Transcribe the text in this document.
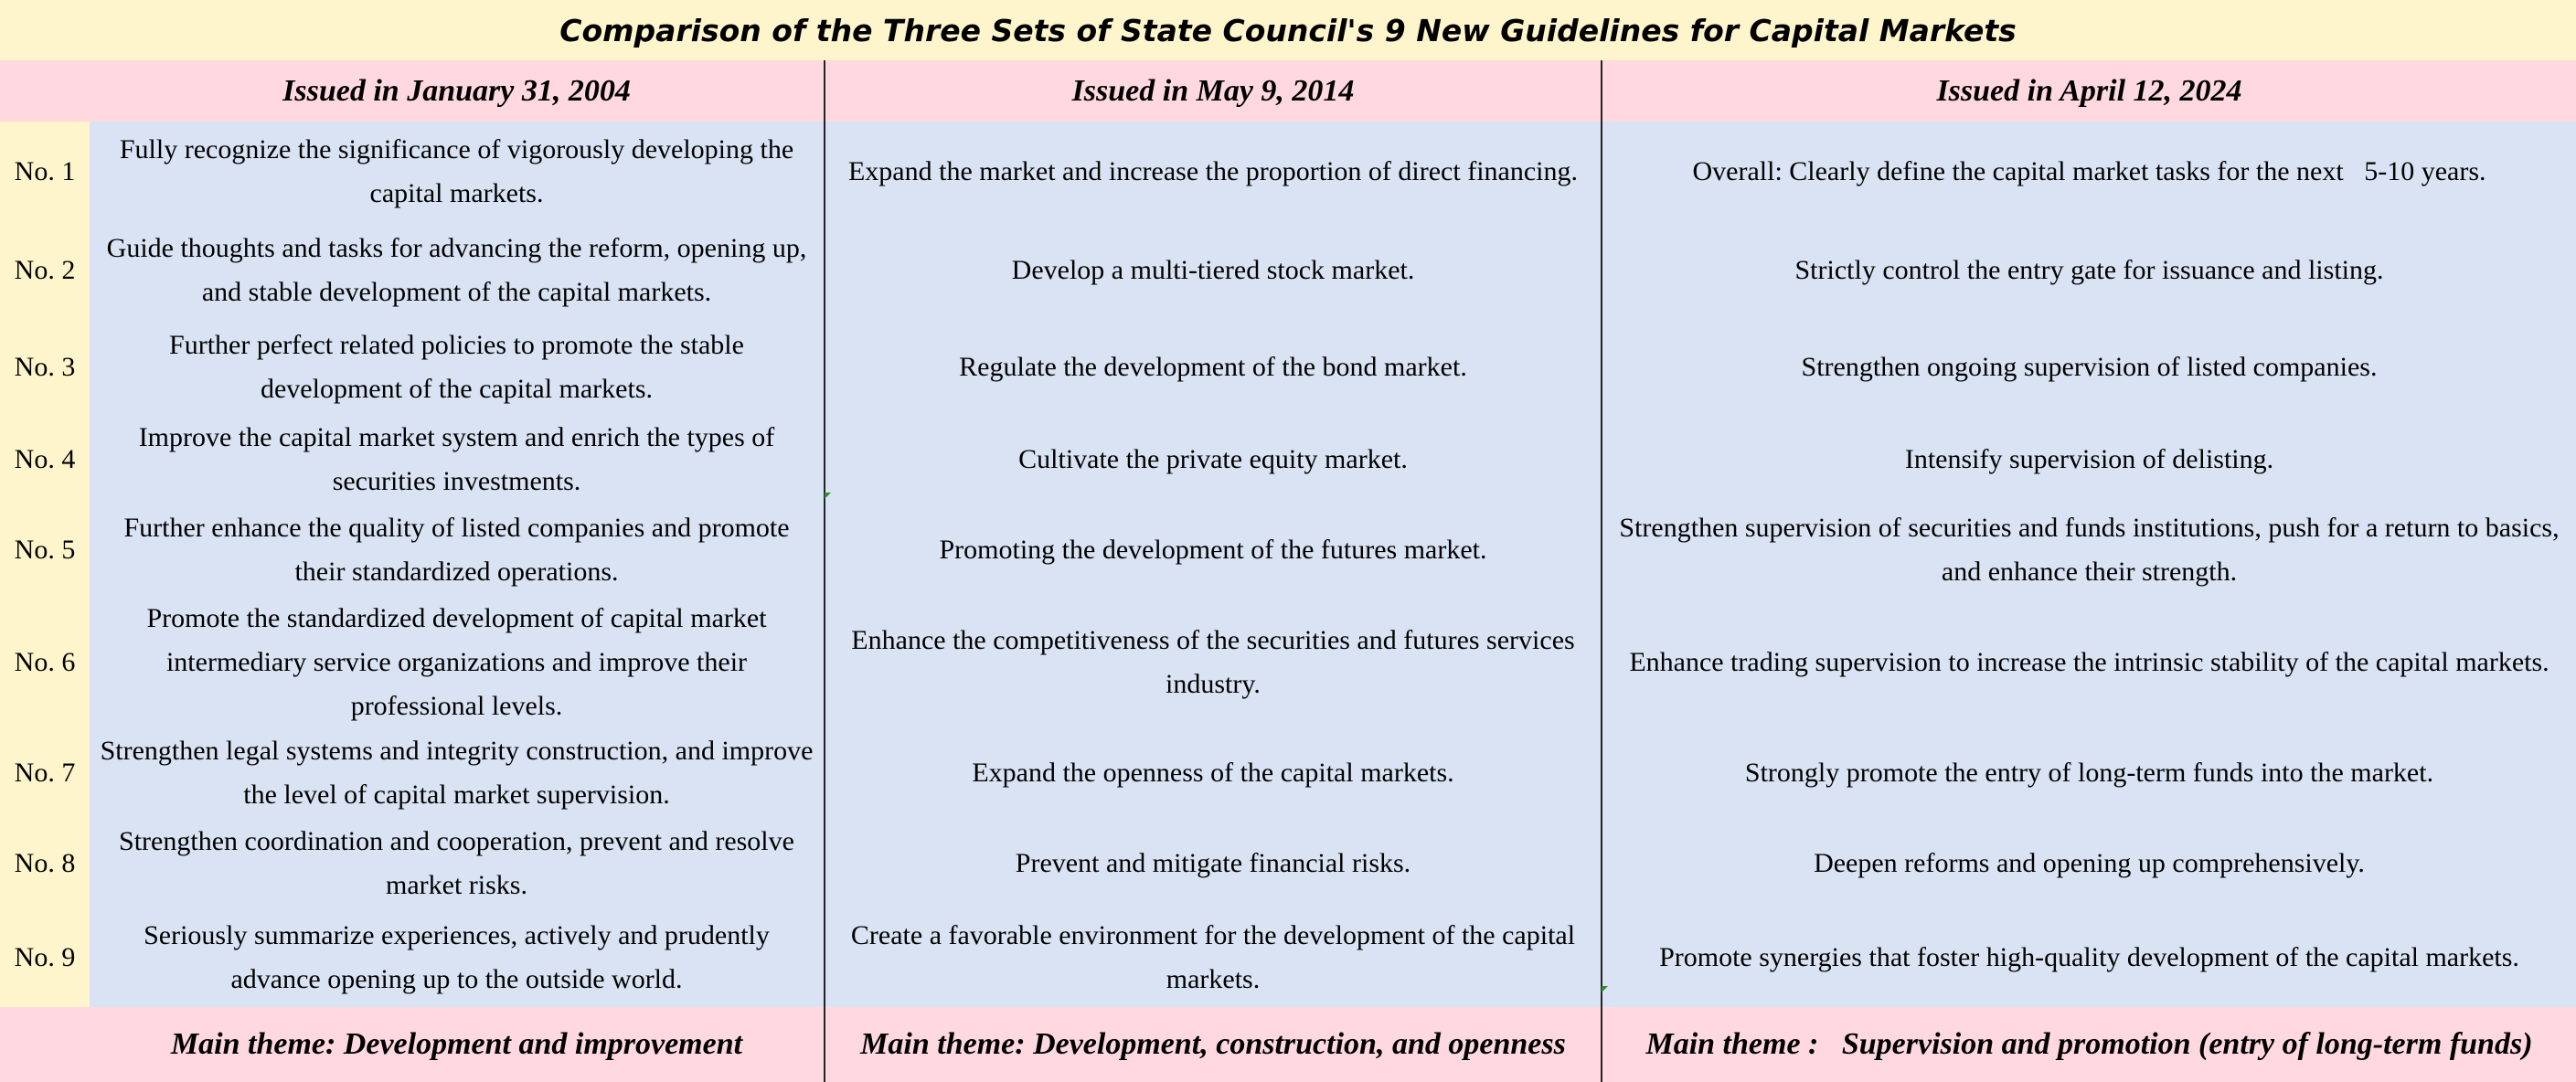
Comparison of the Three Sets of State Council's 9 New Guidelines for Capital Markets
	Issued in January 31, 2004	Issued in May 9, 2014	Issued in April 12, 2024
No. 1	Fully recognize the significance of vigorously developing the capital markets.	Expand the market and increase the proportion of direct financing.	Overall: Clearly define the capital market tasks for the next   5-10 years.
No. 2	Guide thoughts and tasks for advancing the reform, opening up, and stable development of the capital markets.	Develop a multi-tiered stock market.	Strictly control the entry gate for issuance and listing.
No. 3	Further perfect related policies to promote the stable development of the capital markets.	Regulate the development of the bond market.	Strengthen ongoing supervision of listed companies.
No. 4	Improve the capital market system and enrich the types of securities investments.	Cultivate the private equity market.	Intensify supervision of delisting.
No. 5	Further enhance the quality of listed companies and promote their standardized operations.	Promoting the development of the futures market.	Strengthen supervision of securities and funds institutions, push for a return to basics, and enhance their strength.
No. 6	Promote the standardized development of capital market intermediary service organizations and improve their professional levels.	Enhance the competitiveness of the securities and futures services industry.	Enhance trading supervision to increase the intrinsic stability of the capital markets.
No. 7	Strengthen legal systems and integrity construction, and improve the level of capital market supervision.	Expand the openness of the capital markets.	Strongly promote the entry of long-term funds into the market.
No. 8	Strengthen coordination and cooperation, prevent and resolve market risks.	Prevent and mitigate financial risks.	Deepen reforms and opening up comprehensively.
No. 9	Seriously summarize experiences, actively and prudently advance opening up to the outside world.	Create a favorable environment for the development of the capital markets.	Promote synergies that foster high-quality development of the capital markets.
	Main theme: Development and improvement	Main theme: Development, construction, and openness	Main theme :   Supervision and promotion (entry of long-term funds)
